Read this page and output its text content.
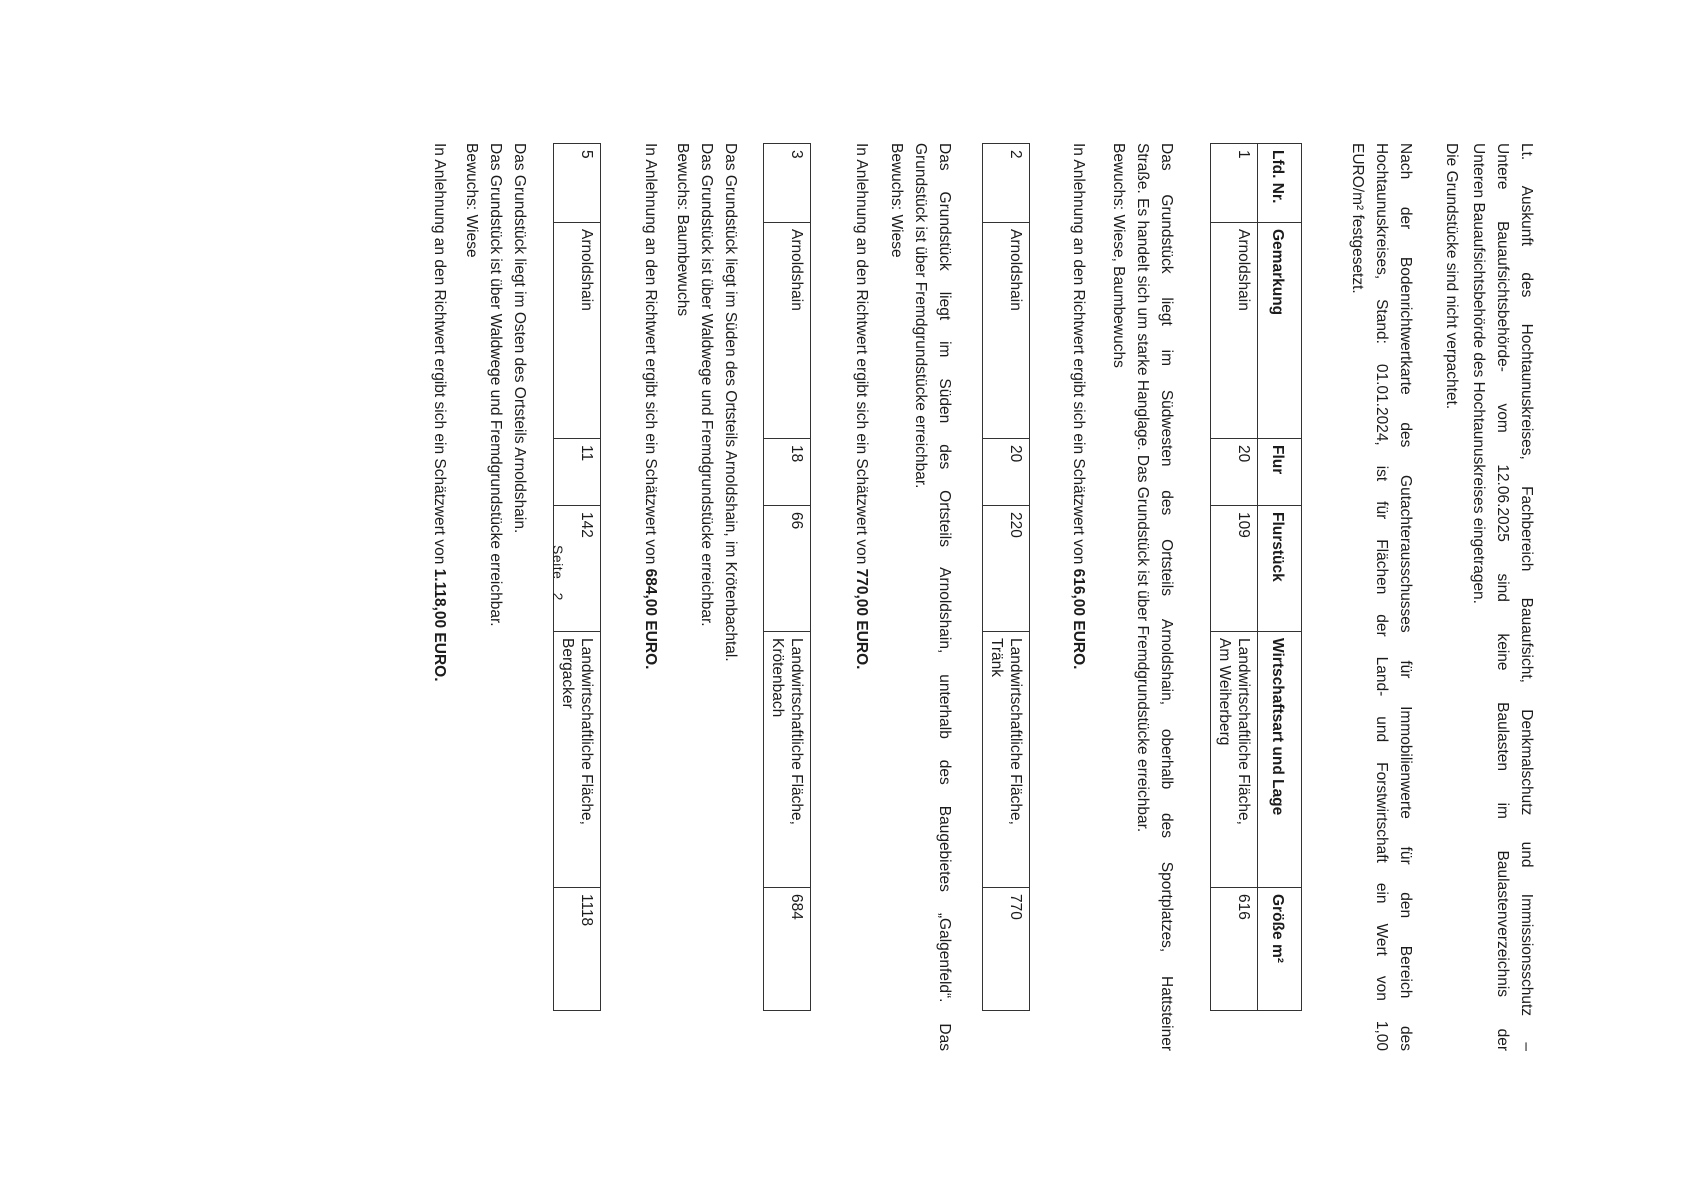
Lt. Auskunft des Hochtaunuskreises, Fachbereich Bauaufsicht, Denkmalschutz und Immissionsschutz –

Untere Bauaufsichtsbehörde- vom 12.06.2025 sind keine Baulasten im Baulastenverzeichnis der

Unteren Bauaufsichtsbehörde des Hochtaunuskreises eingetragen.

Die Grundstücke sind nicht verpachtet.

Nach der Bodenrichtwertkarte des Gutachterausschusses für Immobilienwerte für den Bereich des

Hochtaunuskreises, Stand: 01.01.2024, ist für Flächen der Land- und Forstwirtschaft ein Wert von 1,00

EURO/m² festgesetzt.

Lfd. Nr.	Gemarkung	Flur	Flurstück	Wirtschaftsart und Lage	Größe m²
1	Arnoldshain	20	109	Landwirtschaftliche Fläche,
Am Weiherberg	616

Das Grundstück liegt im Südwesten des Ortsteils Arnoldshain, oberhalb des Sportplatzes, Hattsteiner

Straße. Es handelt sich um starke Hanglage. Das Grundstück ist über Fremdgrundstücke erreichbar.

Bewuchs: Wiese, Baumbewuchs

In Anlehnung an den Richtwert ergibt sich ein Schätzwert von 616,00 EURO.

2	Arnoldshain	20	220	Landwirtschaftliche Fläche,
Tränk	770

Das Grundstück liegt im Süden des Ortsteils Arnoldshain, unterhalb des Baugebietes „Galgenfeld“. Das

Grundstück ist über Fremdgrundstücke erreichbar.

Bewuchs: Wiese

In Anlehnung an den Richtwert ergibt sich ein Schätzwert von 770,00 EURO.

3	Arnoldshain	18	66	Landwirtschaftliche Fläche,
Krötenbach	684

Das Grundstück liegt im Süden des Ortsteils Arnoldshain, im Krötenbachtal.

Das Grundstück ist über Waldwege und Fremdgrundstücke erreichbar.

Bewuchs: Baumbewuchs

In Anlehnung an den Richtwert ergibt sich ein Schätzwert von 684,00 EURO.

5	Arnoldshain	11	142	Landwirtschaftliche Fläche,
Bergacker	1118

Das Grundstück liegt im Osten des Ortsteils Arnoldshain.

Das Grundstück ist über Waldwege und Fremdgrundstücke erreichbar.

Bewuchs: Wiese

In Anlehnung an den Richtwert ergibt sich ein Schätzwert von 1.118,00 EURO.

Seite   2
